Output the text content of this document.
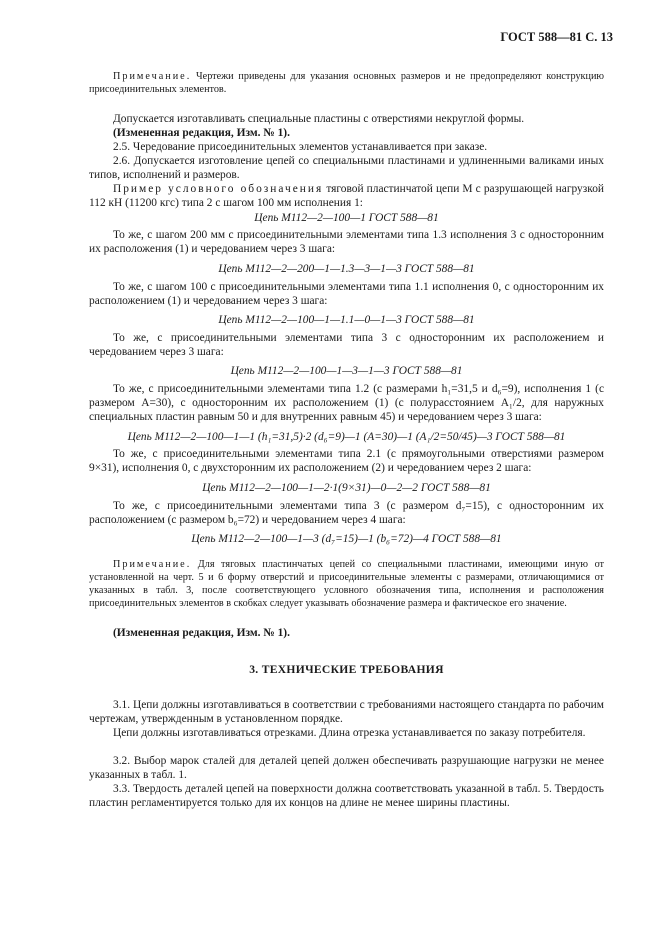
ГОСТ 588—81 С. 13
Примечание. Чертежи приведены для указания основных размеров и не предопределяют конструкцию присоединительных элементов.
Допускается изготавливать специальные пластины с отверстиями некруглой формы.
(Измененная редакция, Изм. № 1).
2.5. Чередование присоединительных элементов устанавливается при заказе.
2.6. Допускается изготовление цепей со специальными пластинами и удлиненными валиками иных типов, исполнений и размеров.
Пример условного обозначения тяговой пластинчатой цепи М с разрушающей нагрузкой 112 кН (11200 кгс) типа 2 с шагом 100 мм исполнения 1:
Цепь М112—2—100—1 ГОСТ 588—81
То же, с шагом 200 мм с присоединительными элементами типа 1.3 исполнения 3 с односторонним их расположения (1) и чередованием через 3 шага:
Цепь М112—2—200—1—1.3—3—1—3 ГОСТ 588—81
То же, с шагом 100 с присоединительными элементами типа 1.1 исполнения 0, с односторонним их расположением (1) и чередованием через 3 шага:
Цепь М112—2—100—1—1.1—0—1—3 ГОСТ 588—81
То же, с присоединительными элементами типа 3 с односторонним их расположением и чередованием через 3 шага:
Цепь М112—2—100—1—3—1—3 ГОСТ 588—81
То же, с присоединительными элементами типа 1.2 (с размерами h₁=31,5 и d₆=9), исполнения 1 (с размером А=30), с односторонним их расположением (1) (с полурасстоянием А₁/2, для наружных специальных пластин равным 50 и для внутренних равным 45) и чередованием через 3 шага:
Цепь М112—2—100—1—1 (h₁=31,5)·2 (d₆=9)—1 (А=30)—1 (А₁/2=50/45)—3 ГОСТ 588—81
То же, с присоединительными элементами типа 2.1 (с прямоугольными отверстиями размером 9×31), исполнения 0, с двухсторонним их расположением (2) и чередованием через 2 шага:
Цепь М112—2—100—1—2·1(9×31)—0—2—2 ГОСТ 588—81
То же, с присоединительными элементами типа 3 (с размером d₇=15), с односторонним их расположением (с размером b₆=72) и чередованием через 4 шага:
Цепь М112—2—100—1—3 (d₇=15)—1 (b₆=72)—4 ГОСТ 588—81
Примечание. Для тяговых пластинчатых цепей со специальными пластинами, имеющими иную от установленной на черт. 5 и 6 форму отверстий и присоединительные элементы с размерами, отличающимися от указанных в табл. 3, после соответствующего условного обозначения типа, исполнения и расположения присоединительных элементов в скобках следует указывать обозначение размера и фактическое его значение.
(Измененная редакция, Изм. № 1).
3. ТЕХНИЧЕСКИЕ ТРЕБОВАНИЯ
3.1. Цепи должны изготавливаться в соответствии с требованиями настоящего стандарта по рабочим чертежам, утвержденным в установленном порядке.
Цепи должны изготавливаться отрезками. Длина отрезка устанавливается по заказу потребителя.
3.2. Выбор марок сталей для деталей цепей должен обеспечивать разрушающие нагрузки не менее указанных в табл. 1.
3.3. Твердость деталей цепей на поверхности должна соответствовать указанной в табл. 5. Твердость пластин регламентируется только для их концов на длине не менее ширины пластины.
